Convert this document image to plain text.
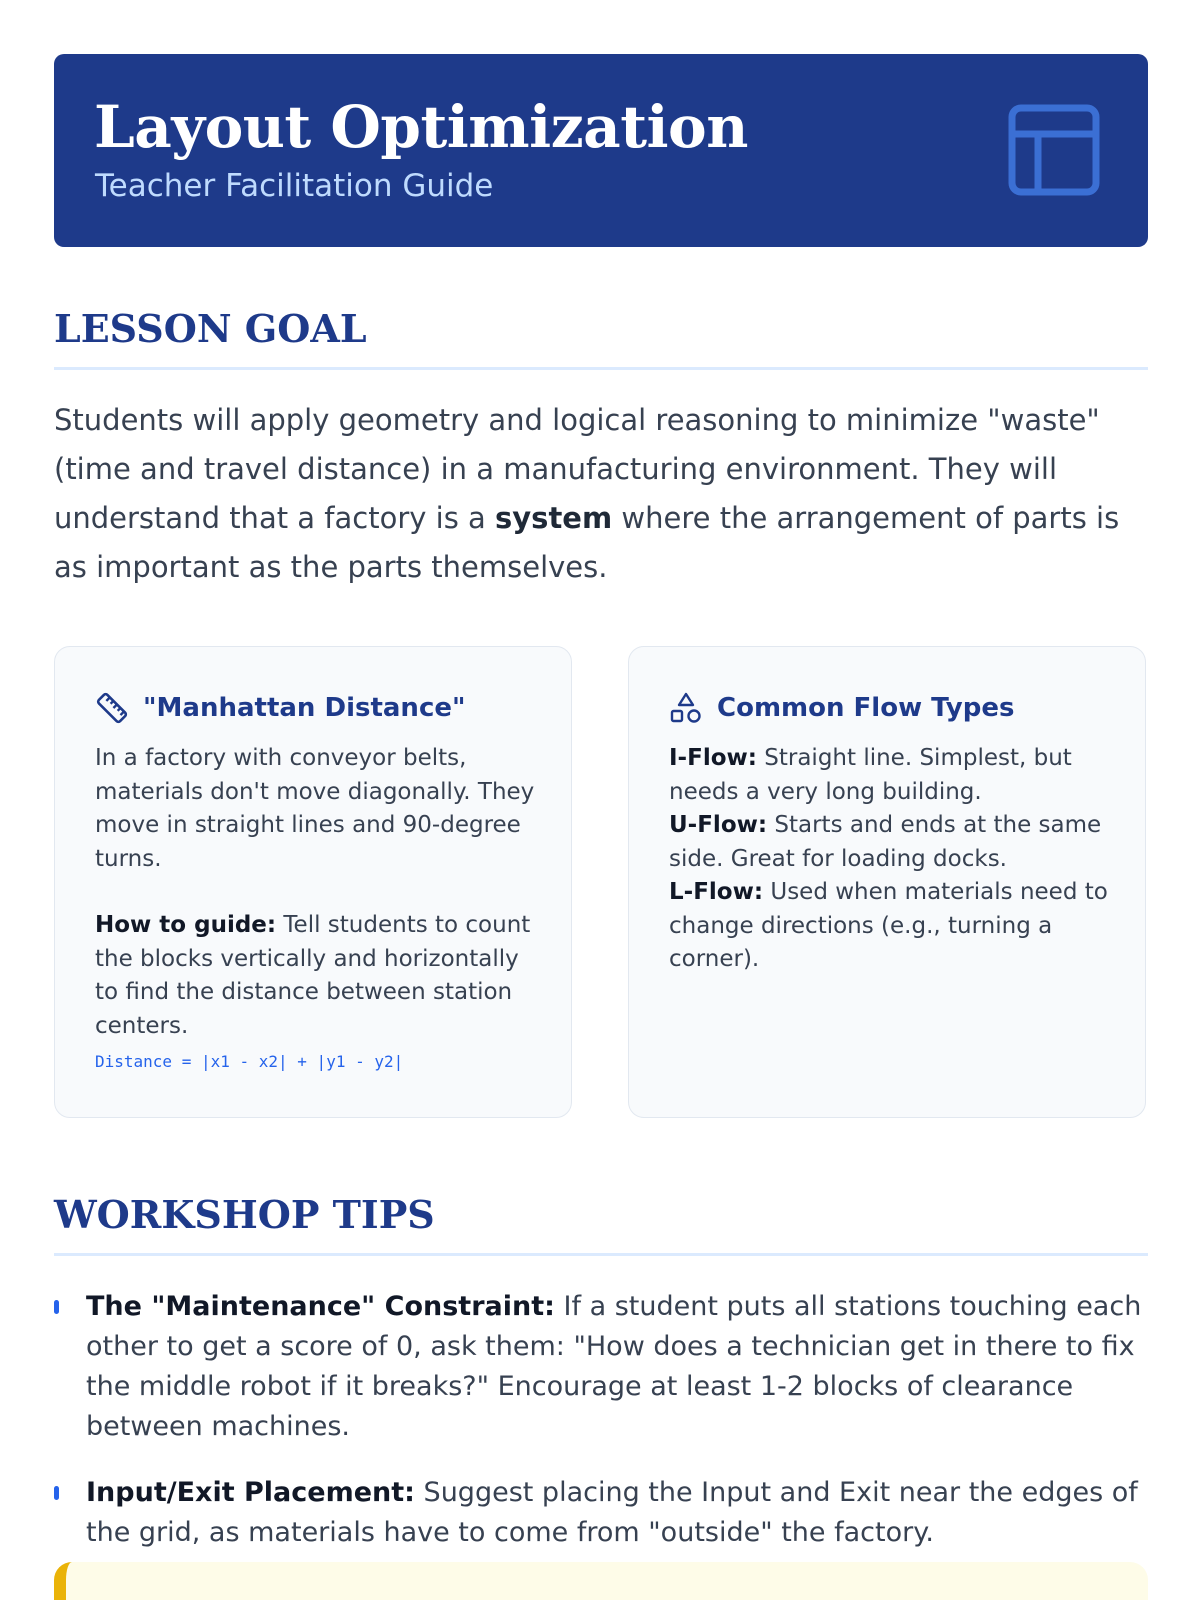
Layout Optimization
Teacher Facilitation Guide
LESSON GOAL
Students will apply geometry and logical reasoning to minimize "waste" (time and travel distance) in a manufacturing environment. They will understand that a factory is a system where the arrangement of parts is as important as the parts themselves.
"Manhattan Distance"

In a factory with conveyor belts, materials don't move diagonally. They move in straight lines and 90-degree turns.

How to guide: Tell students to count the blocks vertically and horizontally to find the distance between station centers.

Distance = |x1 - x2| + |y1 - y2|
Common Flow Types

I-Flow: Straight line. Simplest, but needs a very long building.

U-Flow: Starts and ends at the same side. Great for loading docks.

L-Flow: Used when materials need to change directions (e.g., turning a corner).

WORKSHOP TIPS
The "Maintenance" Constraint: If a student puts all stations touching each other to get a score of 0, ask them: "How does a technician get in there to fix the middle robot if it breaks?" Encourage at least 1-2 blocks of clearance between machines.
Input/Exit Placement: Suggest placing the Input and Exit near the edges of the grid, as materials have to come from "outside" the factory.
